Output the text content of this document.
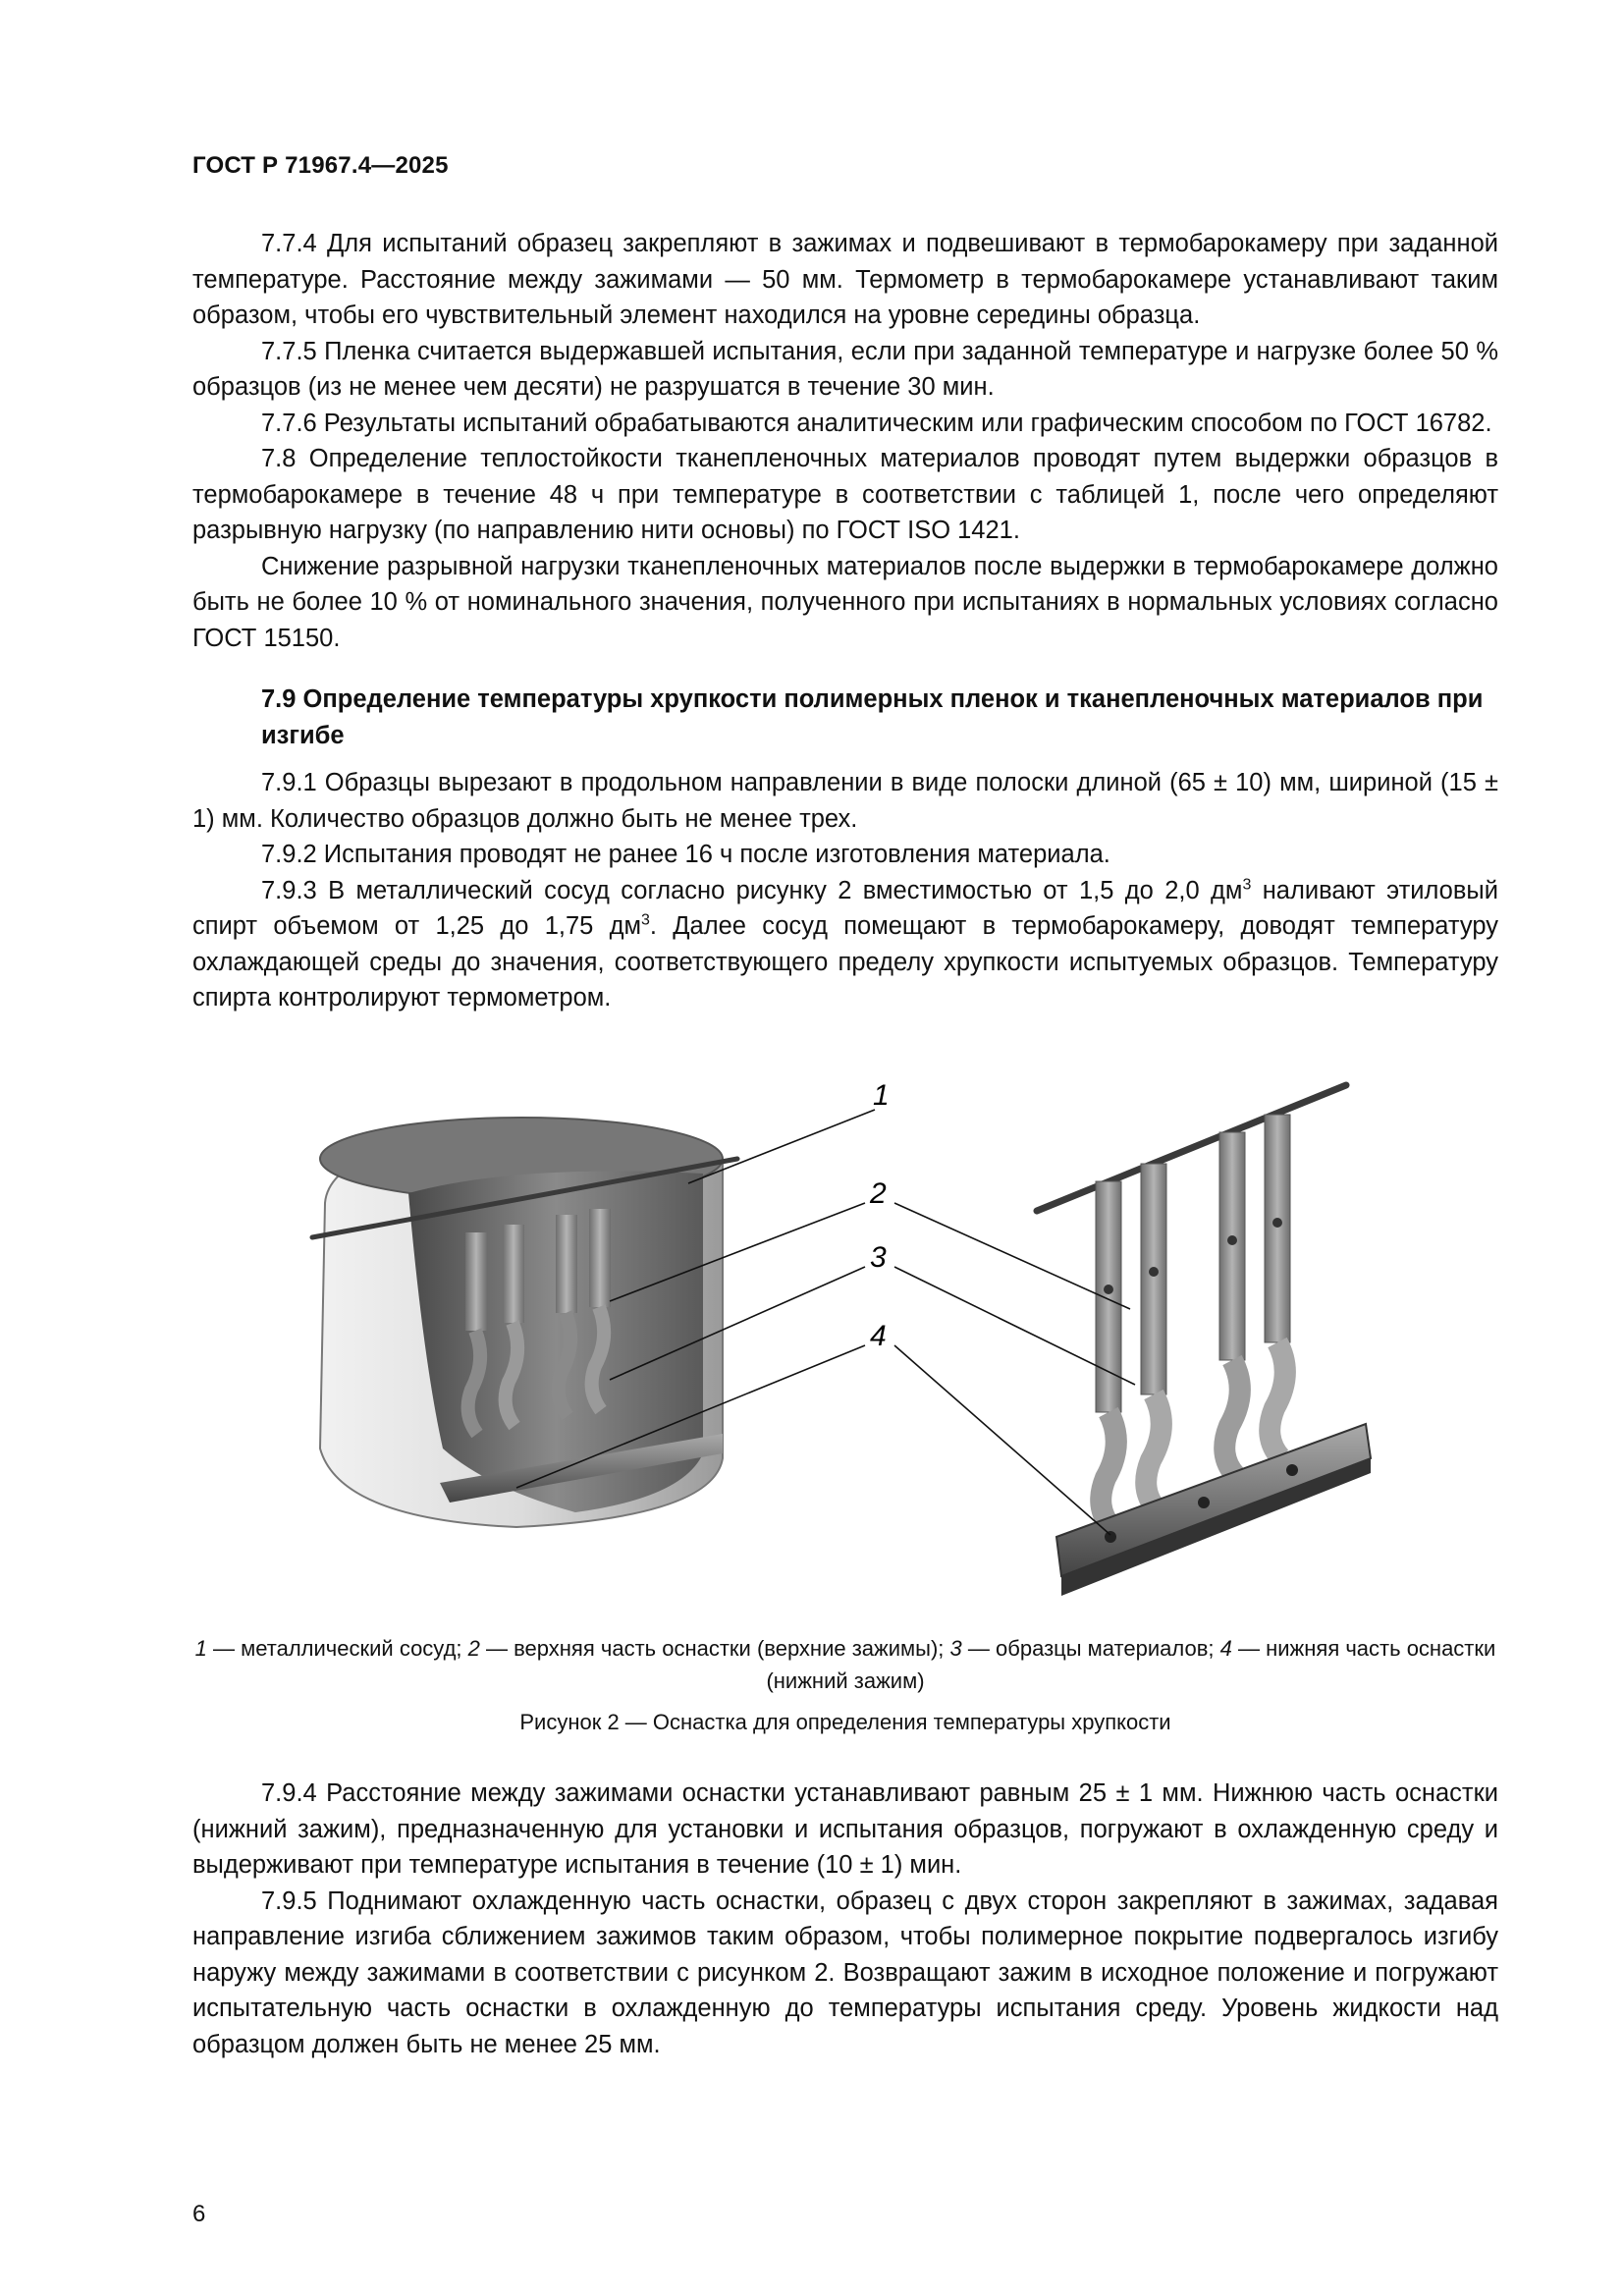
ГОСТ Р 71967.4—2025

7.7.4 Для испытаний образец закрепляют в зажимах и подвешивают в термобарокамеру при заданной температуре. Расстояние между зажимами — 50 мм. Термометр в термобарокамере устанавливают таким образом, чтобы его чувствительный элемент находился на уровне середины образца.

7.7.5 Пленка считается выдержавшей испытания, если при заданной температуре и нагрузке более 50 % образцов (из не менее чем десяти) не разрушатся в течение 30 мин.

7.7.6 Результаты испытаний обрабатываются аналитическим или графическим способом по ГОСТ 16782.

7.8 Определение теплостойкости тканепленочных материалов проводят путем выдержки образцов в термобарокамере в течение 48 ч при температуре в соответствии с таблицей 1, после чего определяют разрывную нагрузку (по направлению нити основы) по ГОСТ ISO 1421.

Снижение разрывной нагрузки тканепленочных материалов после выдержки в термобарокамере должно быть не более 10 % от номинального значения, полученного при испытаниях в нормальных условиях согласно ГОСТ 15150.

7.9 Определение температуры хрупкости полимерных пленок и тканепленочных материалов при изгибе

7.9.1 Образцы вырезают в продольном направлении в виде полоски длиной (65 ± 10) мм, шириной (15 ± 1) мм. Количество образцов должно быть не менее трех.

7.9.2 Испытания проводят не ранее 16 ч после изготовления материала.

7.9.3 В металлический сосуд согласно рисунку 2 вместимостью от 1,5 до 2,0 $дм^3$ наливают этиловый спирт объемом от 1,25 до 1,75 $дм^3$. Далее сосуд помещают в термобарокамеру, доводят температуру охлаждающей среды до значения, соответствующего пределу хрупкости испытуемых образцов. Температуру спирта контролируют термометром.

1
2
3
4
1 — металлический сосуд; 2 — верхняя часть оснастки (верхние зажимы); 3 — образцы материалов; 4 — нижняя часть оснастки (нижний зажим)
Рисунок 2 — Оснастка для определения температуры хрупкости

7.9.4 Расстояние между зажимами оснастки устанавливают равным 25 ± 1 мм. Нижнюю часть оснастки (нижний зажим), предназначенную для установки и испытания образцов, погружают в охлажденную среду и выдерживают при температуре испытания в течение (10 ± 1) мин.

7.9.5 Поднимают охлажденную часть оснастки, образец с двух сторон закрепляют в зажимах, задавая направление изгиба сближением зажимов таким образом, чтобы полимерное покрытие подвергалось изгибу наружу между зажимами в соответствии с рисунком 2. Возвращают зажим в исходное положение и погружают испытательную часть оснастки в охлажденную до температуры испытания среду. Уровень жидкости над образцом должен быть не менее 25 мм.

6
